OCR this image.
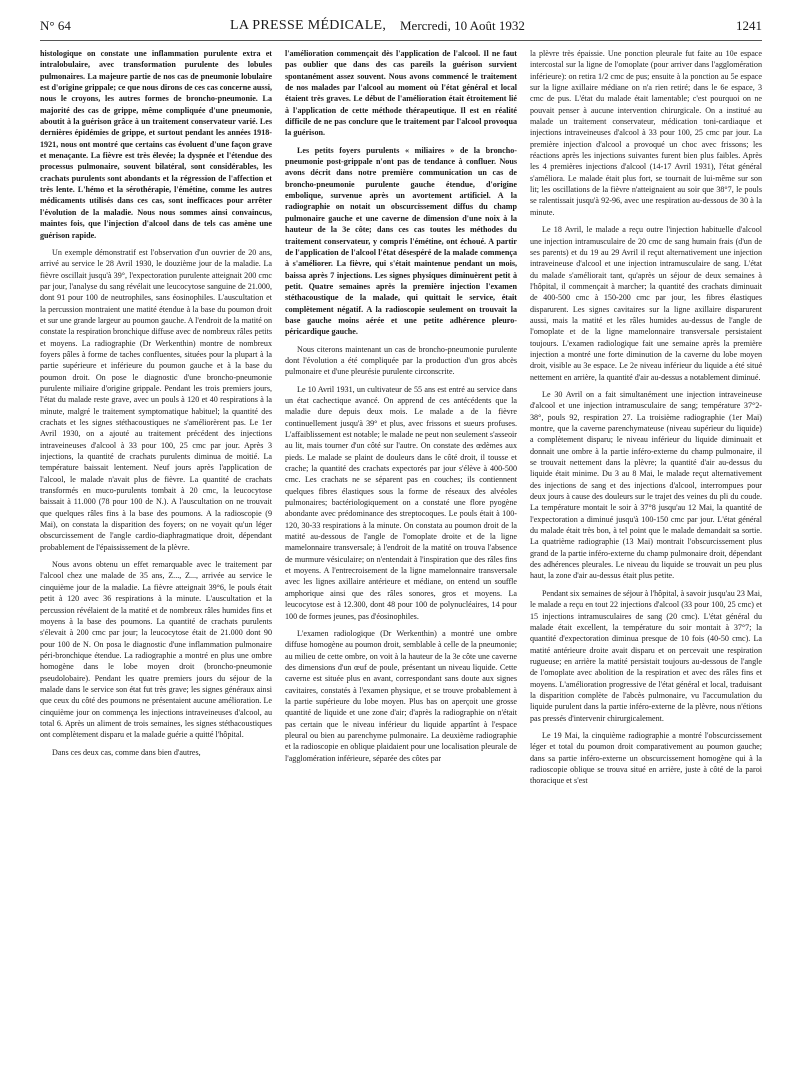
N° 64	LA PRESSE MÉDICALE, Mercredi, 10 Août 1932	1241

histologique on constate une inflammation purulente extra et intralobulaire, avec transformation purulente des lobules pulmonaires. La majeure partie de nos cas de pneumonie lobulaire est d'origine grippale; ce que nous dirons de ces cas concerne aussi, nous le croyons, les autres formes de broncho-pneumonie. La majorité des cas de grippe, même compliquée d'une pneumonie, aboutit à la guérison grâce à un traitement conservateur varié. Les dernières épidémies de grippe, et surtout pendant les années 1918-1921, nous ont montré que certains cas évoluent d'une façon grave et menaçante. La fièvre est très élevée; la dyspnée et l'étendue des processus pulmonaire, souvent bilatéral, sont considérables, les crachats purulents sont abondants et la régression de l'affection et très lente. L'hémo et la sérothérapie, l'émétine, comme les autres médicaments utilisés dans ces cas, sont inefficaces pour arrêter l'évolution de la maladie. Nous nous sommes ainsi convaincus, maintes fois, que l'injection d'alcool dans de tels cas amène une guérison rapide.

Un exemple démonstratif est l'observation d'un ouvrier de 20 ans, arrivé au service le 28 Avril 1930, le douzième jour de la maladie. La fièvre oscillait jusqu'à 39°, l'expectoration purulente atteignait 200 cmc par jour, l'analyse du sang révélait une leucocytose sanguine de 21.000, dont 91 pour 100 de neutrophiles, sans éosinophiles. L'auscultation et la percussion montraient une matité étendue à la base du poumon droit et sur une grande largeur au poumon gauche. A l'endroit de la matité on constate la respiration bronchique diffuse avec de nombreux râles petits et moyens. La radiographie (Dr Werkenthin) montre de nombreux foyers pâles à forme de taches confluentes, situées pour la plupart à la partie supérieure et inférieure du poumon gauche et à la base du poumon droit. On pose le diagnostic d'une broncho-pneumonie purulente miliaire d'origine grippale. Pendant les trois premiers jours, l'état du malade reste grave, avec un pouls à 120 et 40 respirations à la minute, malgré le traitement symptomatique habituel; la quantité des crachats et les signes stéthacoustiques ne s'améliorèrent pas. Le 1er Avril 1930, on a ajouté au traitement précédent des injections intraveineuses d'alcool à 33 pour 100, 25 cmc par jour. Après 3 injections, la quantité de crachats purulents diminua de moitié. La température baissait lentement. Neuf jours après l'application de l'alcool, le malade n'avait plus de fièvre. La quantité de crachats transformés en muco-purulents tombait à 20 cmc, la leucocytose baissait à 11.000 (78 pour 100 de N.). A l'auscultation on ne trouvait que quelques râles fins à la base des poumons. A la radioscopie (9 Mai), on constata la disparition des foyers; on ne voyait qu'un léger obscurcissement de l'angle cardio-diaphragmatique droit, dépendant probablement de l'épaississement de la plèvre.

Nous avons obtenu un effet remarquable avec le traitement par l'alcool chez une malade de 35 ans, Z..., Z..., arrivée au service le cinquième jour de la maladie. La fièvre atteignait 39°6, le pouls était petit à 120 avec 36 respirations à la minute. L'auscultation et la percussion révélaient de la matité et de nombreux râles humides fins et moyens à la base des poumons. La quantité de crachats purulents s'élevait à 200 cmc par jour; la leucocytose était de 21.000 dont 90 pour 100 de N. On posa le diagnostic d'une inflammation pulmonaire péri-bronchique étendue. La radiographie a montré en plus une ombre homogène dans le lobe moyen droit (broncho-pneumonie pseudolobaire). Pendant les quatre premiers jours du séjour de la malade dans le service son état fut très grave; les signes généraux ainsi que ceux du côté des poumons ne présentaient aucune amélioration. Le cinquième jour on commença les injections intraveineuses d'alcool, au total 6. Après un aliment de trois semaines, les signes stéthacoustiques ont complètement disparu et la malade guérie a quitté l'hôpital.

Dans ces deux cas, comme dans bien d'autres,

l'amélioration commençait dès l'application de l'alcool. Il ne faut pas oublier que dans des cas pareils la guérison survient spontanément assez souvent. Nous avons commencé le traitement de nos malades par l'alcool au moment où l'état général et local étaient très graves. Le début de l'amélioration était étroitement lié à l'application de cette méthode thérapeutique. Il est en réalité difficile de ne pas conclure que le traitement par l'alcool provoqua la guérison.

Les petits foyers purulents « miliaires » de la broncho-pneumonie post-grippale n'ont pas de tendance à confluer. Nous avons décrit dans notre première communication un cas de broncho-pneumonie purulente gauche étendue, d'origine embolique, survenue après un avortement artificiel. A la radiographie on notait un obscurcissement diffus du champ pulmonaire gauche et une caverne de dimension d'une noix à la hauteur de la 3e côte; dans ces cas toutes les méthodes du traitement conservateur, y compris l'émétine, ont échoué. A partir de l'application de l'alcool l'état désespéré de la malade commença à s'améliorer. La fièvre, qui s'était maintenue pendant un mois, baissa après 7 injections. Les signes physiques diminuèrent petit à petit. Quatre semaines après la première injection l'examen stéthacoustique de la malade, qui quittait le service, était complètement négatif. A la radioscopie seulement on trouvait la base gauche moins aérée et une petite adhérence pleuro-péricardique gauche.

Nous citerons maintenant un cas de broncho-pneumonie purulente dont l'évolution a été compliquée par la production d'un gros abcès pulmonaire et d'une pleurésie purulente circonscrite.

Le 10 Avril 1931, un cultivateur de 55 ans est entré au service dans un état cachectique avancé. On apprend de ces antécédents que la maladie dure depuis deux mois. Le malade a de la fièvre continuellement jusqu'à 39° et plus, avec frissons et sueurs profuses. L'affaiblissement est notable; le malade ne peut non seulement s'asseoir au lit, mais tourner d'un côté sur l'autre. On constate des œdèmes aux pieds. Le malade se plaint de douleurs dans le côté droit, il tousse et crache; la quantité des crachats expectorés par jour s'élève à 400-500 cmc. Les crachats ne se séparent pas en couches; ils contiennent quelques fibres élastiques sous la forme de réseaux des alvéoles pulmonaires; bactériologiquement on a constaté une flore pyogène abondante avec prédominance des streptocoques. Le pouls était à 100-120, 30-33 respirations à la minute. On constata au poumon droit de la matité au-dessous de l'angle de l'omoplate droite et de la ligne mamelonnaire transversale; à l'endroit de la matité on trouva l'absence de murmure vésiculaire; on n'entendait à l'inspiration que des râles fins et moyens. A l'entrecroisement de la ligne mamelonnaire transversale avec les lignes axillaire antérieure et médiane, on entend un souffle amphorique ainsi que des râles sonores, gros et moyens. La leucocytose est à 12.300, dont 48 pour 100 de polynucléaires, 14 pour 100 de formes jeunes, pas d'éosinophiles.

L'examen radiologique (Dr Werkenthin) a montré une ombre diffuse homogène au poumon droit, semblable à celle de la pneumonie; au milieu de cette ombre, on voit à la hauteur de la 3e côte une caverne des dimensions d'un œuf de poule, présentant un niveau liquide. Cette caverne est située plus en avant, correspondant sans doute aux signes cavitaires, constatés à l'examen physique, et se trouve probablement à la partie supérieure du lobe moyen. Plus bas on aperçoit une grosse quantité de liquide et une zone d'air; d'après la radiographie on n'était pas certain que le niveau inférieur du liquide appartînt à l'espace pleural ou bien au parenchyme pulmonaire. La deuxième radiographie et la radioscopie en oblique plaidaient pour une localisation pleurale de l'agglomération inférieure, séparée des côtes par

la plèvre très épaissie. Une ponction pleurale fut faite au 10e espace intercostal sur la ligne de l'omoplate (pour arriver dans l'agglomération inférieure): on retira 1/2 cmc de pus; ensuite à la ponction au 5e espace sur la ligne axillaire médiane on n'a rien retiré; dans le 6e espace, 3 cmc de pus. L'état du malade était lamentable; c'est pourquoi on ne pouvait penser à aucune intervention chirurgicale. On a institué au malade un traitement conservateur, médication toni-cardiaque et injections intraveineuses d'alcool à 33 pour 100, 25 cmc par jour. La première injection d'alcool a provoqué un choc avec frissons; les réactions après les injections suivantes furent bien plus faibles. Après les 4 premières injections d'alcool (14-17 Avril 1931), l'état général s'améliora. Le malade était plus fort, se tournait de lui-même sur son lit; les oscillations de la fièvre n'atteignaient au soir que 38°7, le pouls se ralentissait jusqu'à 92-96, avec une respiration au-dessous de 30 à la minute.

Le 18 Avril, le malade a reçu outre l'injection habituelle d'alcool une injection intramusculaire de 20 cmc de sang humain frais (d'un de ses parents) et du 19 au 29 Avril il reçut alternativement une injection intraveineuse d'alcool et une injection intramusculaire de sang. L'état du malade s'améliorait tant, qu'après un séjour de deux semaines à l'hôpital, il commençait à marcher; la quantité des crachats diminuait de 400-500 cmc à 150-200 cmc par jour, les fibres élastiques disparurent. Les signes cavitaires sur la ligne axillaire disparurent aussi, mais la matité et les râles humides au-dessus de l'angle de l'omoplate et de la ligne mamelonnaire transversale persistaient toujours. L'examen radiologique fait une semaine après la première injection a montré une forte diminution de la caverne du lobe moyen droit, visible au 3e espace. Le 2e niveau inférieur du liquide a été situé nettement en arrière, la quantité d'air au-dessus a notablement diminué.

Le 30 Avril on a fait simultanément une injection intraveineuse d'alcool et une injection intramusculaire de sang; température 37°2-38°, pouls 92, respiration 27. La troisième radiographie (1er Mai) montre, que la caverne parenchymateuse (niveau supérieur du liquide) a complètement disparu; le niveau inférieur du liquide diminuait et donnait une ombre à la partie inféro-externe du champ pulmonaire, il se trouvait nettement dans la plèvre; la quantité d'air au-dessus du liquide était minime. Du 3 au 8 Mai, le malade reçut alternativement des injections de sang et des injections d'alcool, interrompues pour deux jours à cause des douleurs sur le trajet des veines du pli du coude. La température montait le soir à 37°8 jusqu'au 12 Mai, la quantité de l'expectoration a diminué jusqu'à 100-150 cmc par jour. L'état général du malade était très bon, à tel point que le malade demandait sa sortie. La quatrième radiographie (13 Mai) montrait l'obscurcissement plus grand de la partie inféro-externe du champ pulmonaire droit, dépendant des adhérences pleurales. Le niveau du liquide se trouvait un peu plus haut, la zone d'air au-dessus était plus petite.

Pendant six semaines de séjour à l'hôpital, à savoir jusqu'au 23 Mai, le malade a reçu en tout 22 injections d'alcool (33 pour 100, 25 cmc) et 15 injections intramusculaires de sang (20 cmc). L'état général du malade était excellent, la température du soir montait à 37°7; la quantité d'expectoration diminua presque de 10 fois (40-50 cmc). La matité antérieure droite avait disparu et on percevait une respiration rugueuse; en arrière la matité persistait toujours au-dessous de l'angle de l'omoplate avec abolition de la respiration et avec des râles fins et moyens. L'amélioration progressive de l'état général et local, traduisant la disparition complète de l'abcès pulmonaire, vu l'accumulation du liquide purulent dans la partie inféro-externe de la plèvre, nous n'étions pas pressés d'intervenir chirurgicalement.

Le 19 Mai, la cinquième radiographie a montré l'obscurcissement léger et total du poumon droit comparativement au poumon gauche; dans sa partie inféro-externe un obscurcissement homogène qui à la radioscopie oblique se trouva situé en arrière, juste à côté de la paroi thoracique et s'est
